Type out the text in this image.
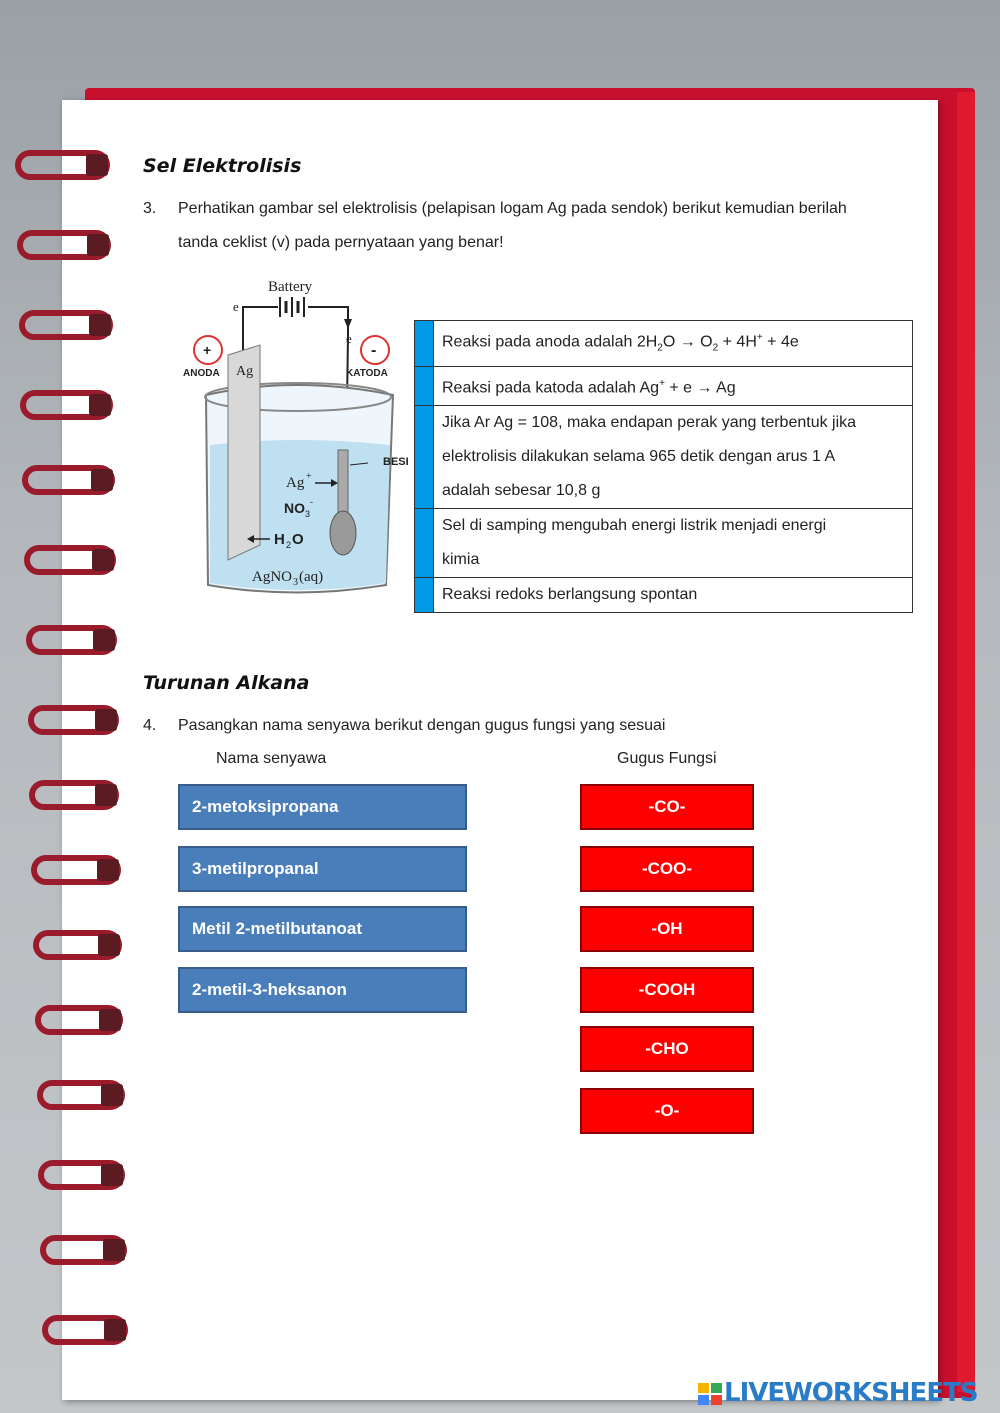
Sel Elektrolisis
3. Perhatikan gambar sel elektrolisis (pelapisan logam Ag pada sendok) berikut kemudian berilah
tanda ceklist (v) pada pernyataan yang benar!
Battery
e
e
+	-
ANODA	KATODA
Ag
BESI
Ag +
NO 3
-
H 2 O
AgNO 3 (aq)
	Reaksi pada anoda adalah $2H_2O \to O_2 + 4H^+ + 4e$
	Reaksi pada katoda adalah Ag+ + e → Ag

	Jika Ar Ag = 108, maka endapan perak yang terbentuk jika
elektrolisis dilakukan selama 965 detik dengan arus 1 A
adalah sebesar 10,8 g

	Sel di samping mengubah energi listrik menjadi energi
kimia

	Reaksi redoks berlangsung spontan
Turunan Alkana
4. Pasangkan nama senyawa berikut dengan gugus fungsi yang sesuai
Nama senyawa	Gugus Fungsi
2-metoksipropana
3-metilpropanal
Metil 2-metilbutanoat
2-metil-3-heksanon
-CO-
-COO-
-OH
-COOH
-CHO
-O-
LIVEWORKSHEETS
